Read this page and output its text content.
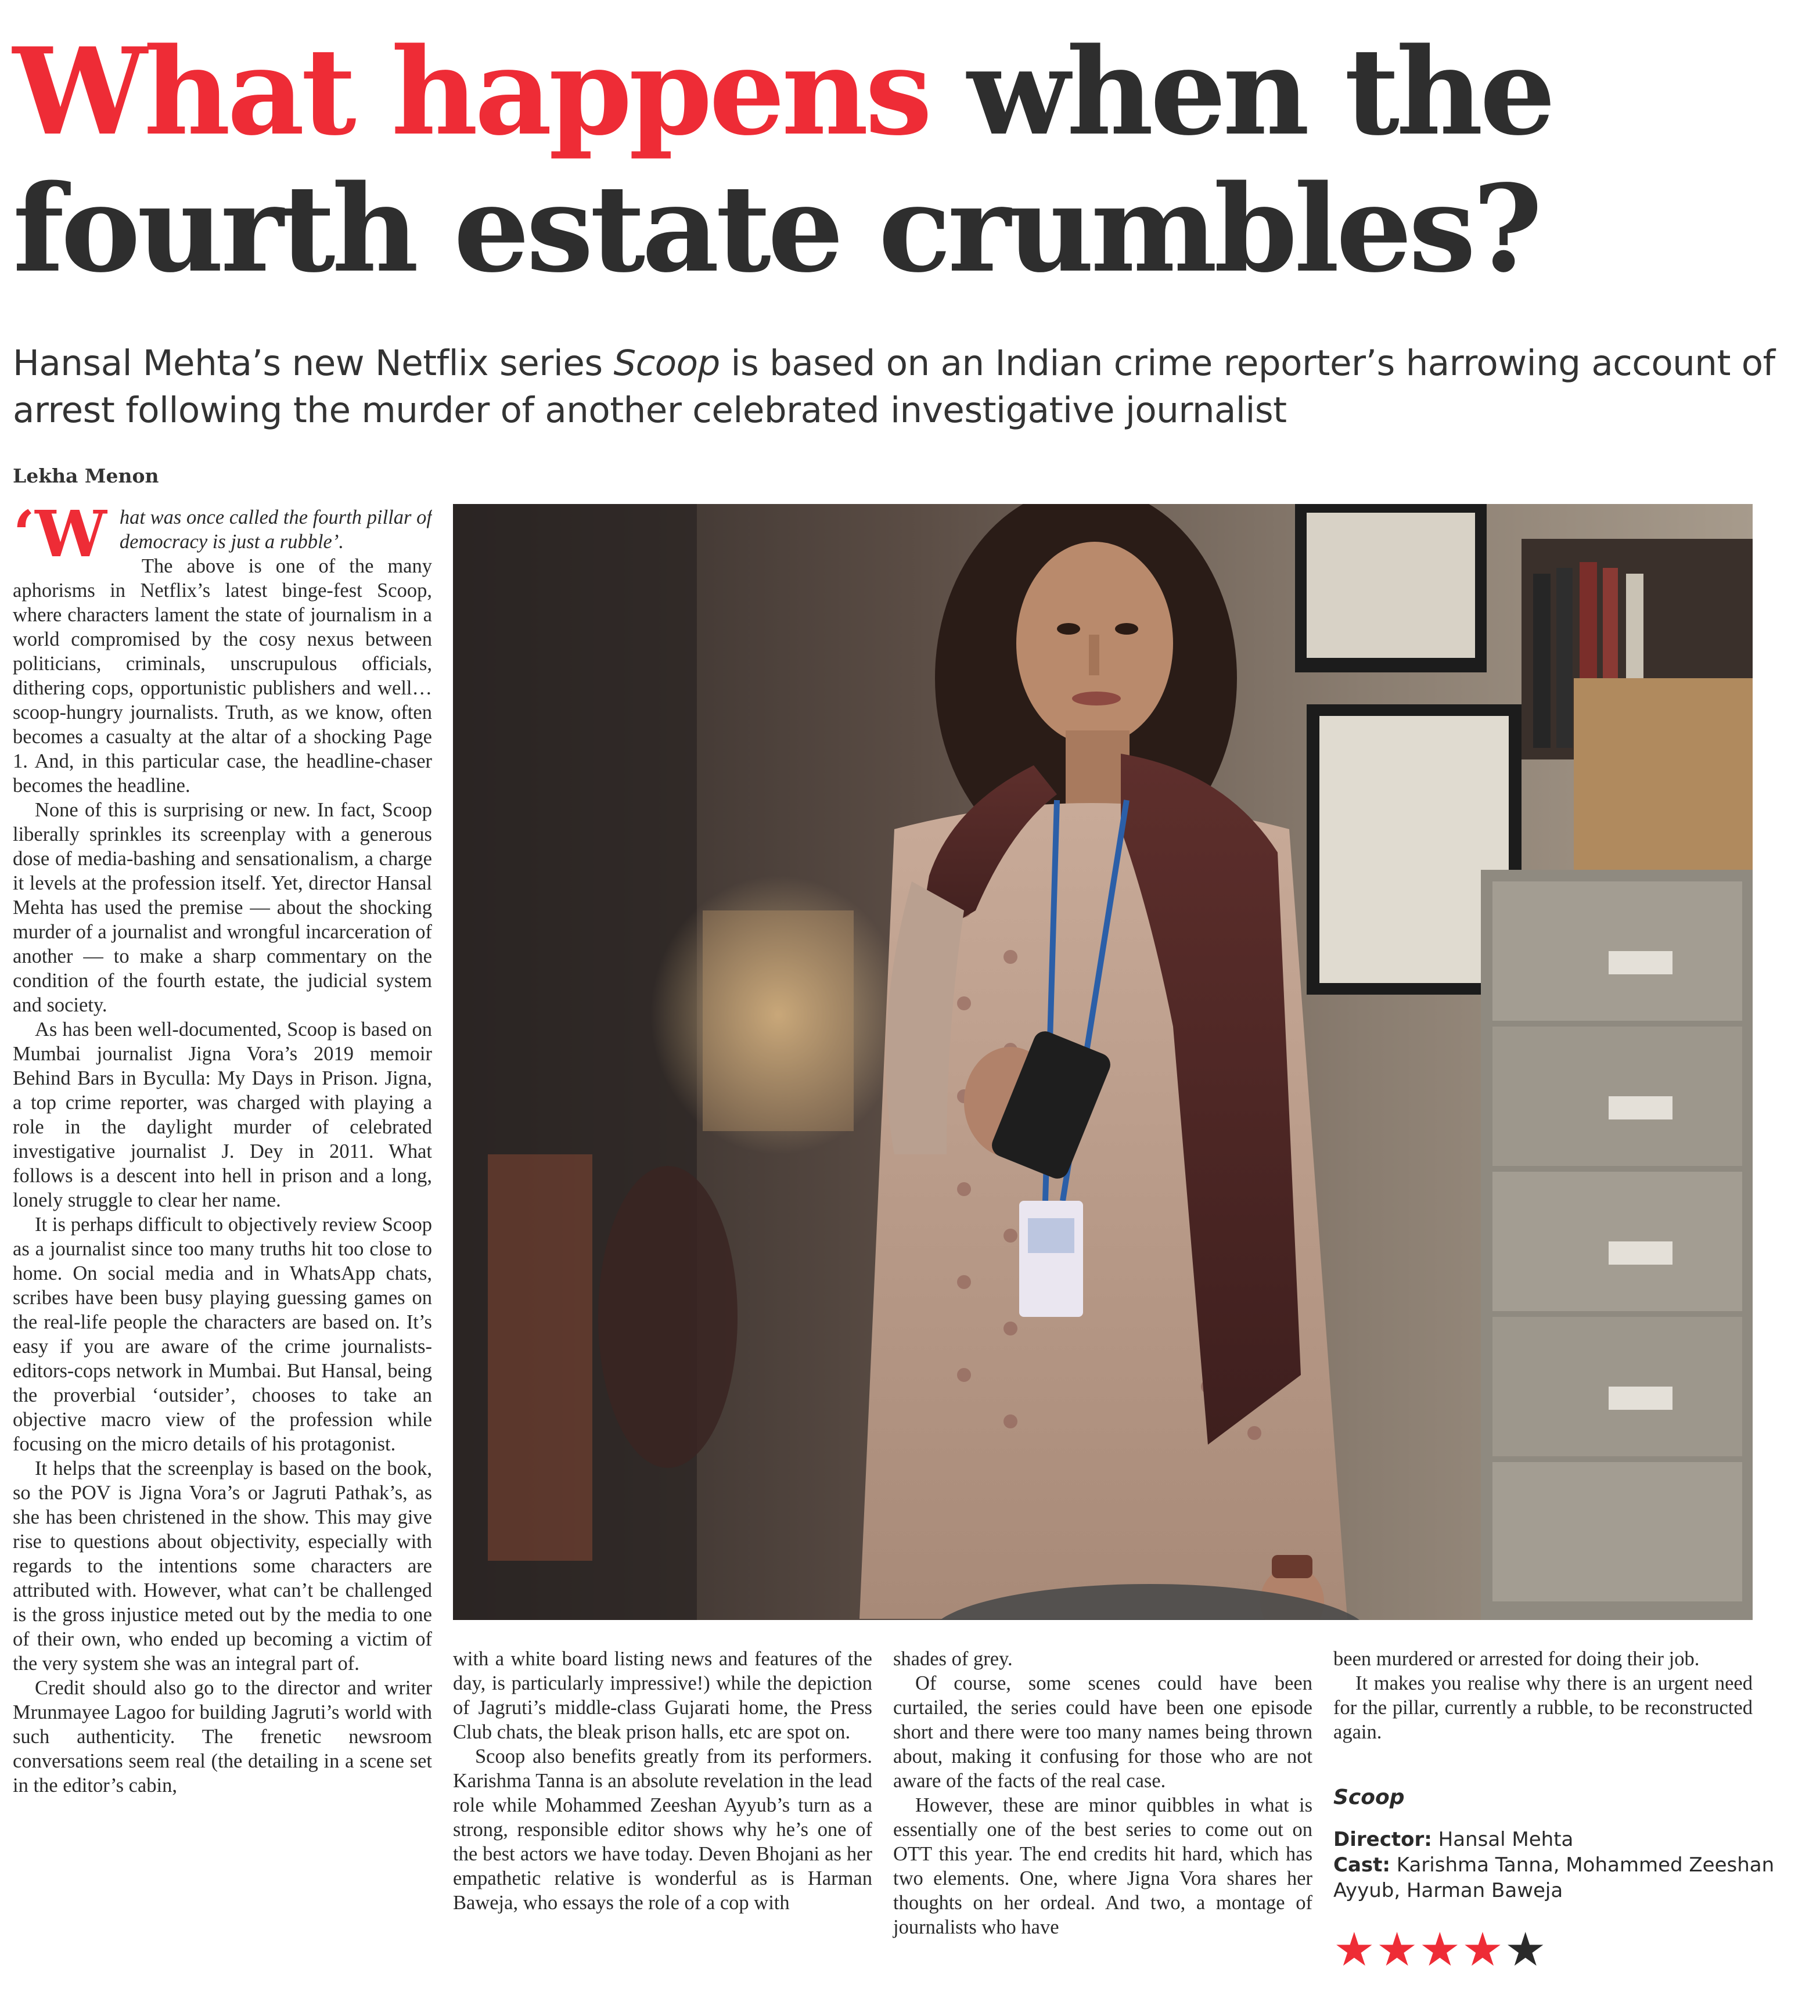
What happens when the
fourth estate crumbles?
Hansal Mehta’s new Netflix series Scoop is based on an Indian crime reporter’s harrowing account of arrest following the murder of another celebrated investigative journalist
Lekha Menon
‘W hat was once called the fourth pillar of democracy is just a rubble’.

The above is one of the many aphorisms in Netflix’s latest binge-fest Scoop, where characters lament the state of journalism in a world compromised by the cosy nexus between politicians, criminals, unscrupulous officials, dithering cops, opportunistic publishers and well… scoop-hungry journalists. Truth, as we know, often becomes a casualty at the altar of a shocking Page 1. And, in this particular case, the headline-chaser becomes the headline.

None of this is surprising or new. In fact, Scoop liberally sprinkles its screenplay with a generous dose of media-bashing and sensationalism, a charge it levels at the profession itself. Yet, director Hansal Mehta has used the premise — about the shocking murder of a journalist and wrongful incarceration of another — to make a sharp commentary on the condition of the fourth estate, the judicial system and society.

As has been well-documented, Scoop is based on Mumbai journalist Jigna Vora’s 2019 memoir Behind Bars in Byculla: My Days in Prison. Jigna, a top crime reporter, was charged with playing a role in the daylight murder of celebrated investigative journalist J. Dey in 2011. What follows is a descent into hell in prison and a long, lonely struggle to clear her name.

It is perhaps difficult to objectively review Scoop as a journalist since too many truths hit too close to home. On social media and in WhatsApp chats, scribes have been busy playing guessing games on the real-life people the characters are based on. It’s easy if you are aware of the crime journalists-editors-cops network in Mumbai. But Hansal, being the proverbial ‘outsider’, chooses to take an objective macro view of the profession while focusing on the micro details of his protagonist.

It helps that the screenplay is based on the book, so the POV is Jigna Vora’s or Jagruti Pathak’s, as she has been christened in the show. This may give rise to questions about objectivity, especially with regards to the intentions some characters are attributed with. However, what can’t be challenged is the gross injustice meted out by the media to one of their own, who ended up becoming a victim of the very system she was an integral part of.

Credit should also go to the director and writer Mrunmayee Lagoo for building Jagruti’s world with such authenticity. The frenetic newsroom conversations seem real (the detailing in a scene set in the editor’s cabin,

with a white board listing news and features of the day, is particularly impressive!) while the depiction of Jagruti’s middle-class Gujarati home, the Press Club chats, the bleak prison halls, etc are spot on.

Scoop also benefits greatly from its performers. Karishma Tanna is an absolute revelation in the lead role while Mohammed Zeeshan Ayyub’s turn as a strong, responsible editor shows why he’s one of the best actors we have today. Deven Bhojani as her empathetic relative is wonderful as is Harman Baweja, who essays the role of a cop with

shades of grey.

Of course, some scenes could have been curtailed, the series could have been one episode short and there were too many names being thrown about, making it confusing for those who are not aware of the facts of the real case.

However, these are minor quibbles in what is essentially one of the best series to come out on OTT this year. The end credits hit hard, which has two elements. One, where Jigna Vora shares her thoughts on her ordeal. And two, a montage of journalists who have

been murdered or arrested for doing their job.

It makes you realise why there is an urgent need for the pillar, currently a rubble, to be reconstructed again.

Scoop
Director: Hansal Mehta
Cast: Karishma Tanna, Mohammed Zeeshan Ayyub, Harman Baweja
★★★★★
